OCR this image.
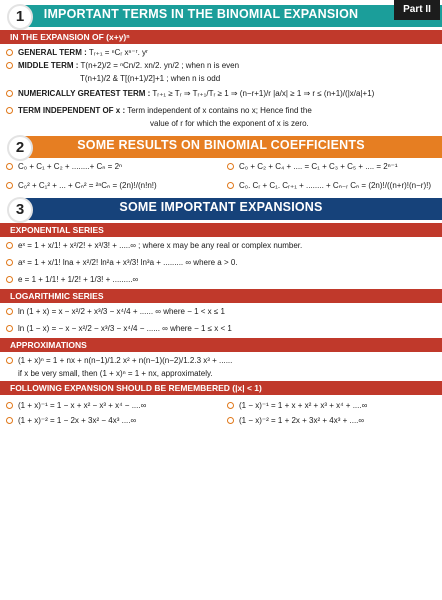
1	IMPORTANT TERMS IN THE BINOMIAL EXPANSION	Part II
IN THE EXPANSION OF (x+y)ⁿ
GENERAL TERM : Tᵣ₊₁ = ⁿCᵣ xⁿ⁻ʳ. yʳ
MIDDLE TERM : T(n+2)/2 = ⁿCn/2. xn/2. yn/2 ; when n is even
T(n+1)/2 & T[(n+1)/2]+1 ; when n is odd
NUMERICALLY GREATEST TERM : Tᵣ₊₁ ≥ Tᵣ ⇒ Tᵣ₊₁/Tᵣ ≥ 1 ⇒ (n−r+1)/r |a/x| ≥ 1 ⇒ r ≤ (n+1)/(|x/a|+1)
TERM INDEPENDENT OF x : Term independent of x contains no x; Hence find the
value of r for which the exponent of x is zero.
2	SOME RESULTS ON BINOMIAL COEFFICIENTS
C₀ + C₁ + C₂ + ........+ Cₙ = 2ⁿ	C₀ + C₂ + C₄ + .... = C₁ + C₃ + C₅ + .... = 2ⁿ⁻¹
C₀² + C₁² + ... + Cₙ² = ²ⁿCₙ = (2n)!/(n!n!)	C₀. Cᵣ + C₁. Cᵣ₊₁ + ........ + Cₙ₋ᵣ Cₙ = (2n)!/((n+r)!(n−r)!)
3	SOME IMPORTANT EXPANSIONS
EXPONENTIAL SERIES
eˣ = 1 + x/1! + x²/2! + x³/3! + .....∞ ; where x may be any real or complex number.
aˣ = 1 + x/1! lna + x²/2! ln²a + x³/3! ln³a + ......... ∞ where a > 0.
e = 1 + 1/1! + 1/2! + 1/3! + .........∞
LOGARITHMIC SERIES
ln (1 + x) = x − x²/2 + x³/3 − x⁴/4 + ...... ∞ where − 1 < x ≤ 1
ln (1 − x) = − x − x²/2 − x³/3 − x⁴/4 − ...... ∞ where − 1 ≤ x < 1
APPROXIMATIONS
(1 + x)ⁿ = 1 + nx + n(n−1)/1.2 x² + n(n−1)(n−2)/1.2.3 x³ + ......
if x be very small, then (1 + x)ⁿ = 1 + nx, approximately.
FOLLOWING EXPANSION SHOULD BE REMEMBERED (|x| < 1)
(1 + x)⁻¹ = 1 − x + x² − x³ + x⁴ − ....∞	(1 − x)⁻¹ = 1 + x + x² + x³ + x⁴ + ....∞
(1 + x)⁻² = 1 − 2x + 3x² − 4x³ ....∞	(1 − x)⁻² = 1 + 2x + 3x² + 4x³ + ....∞
